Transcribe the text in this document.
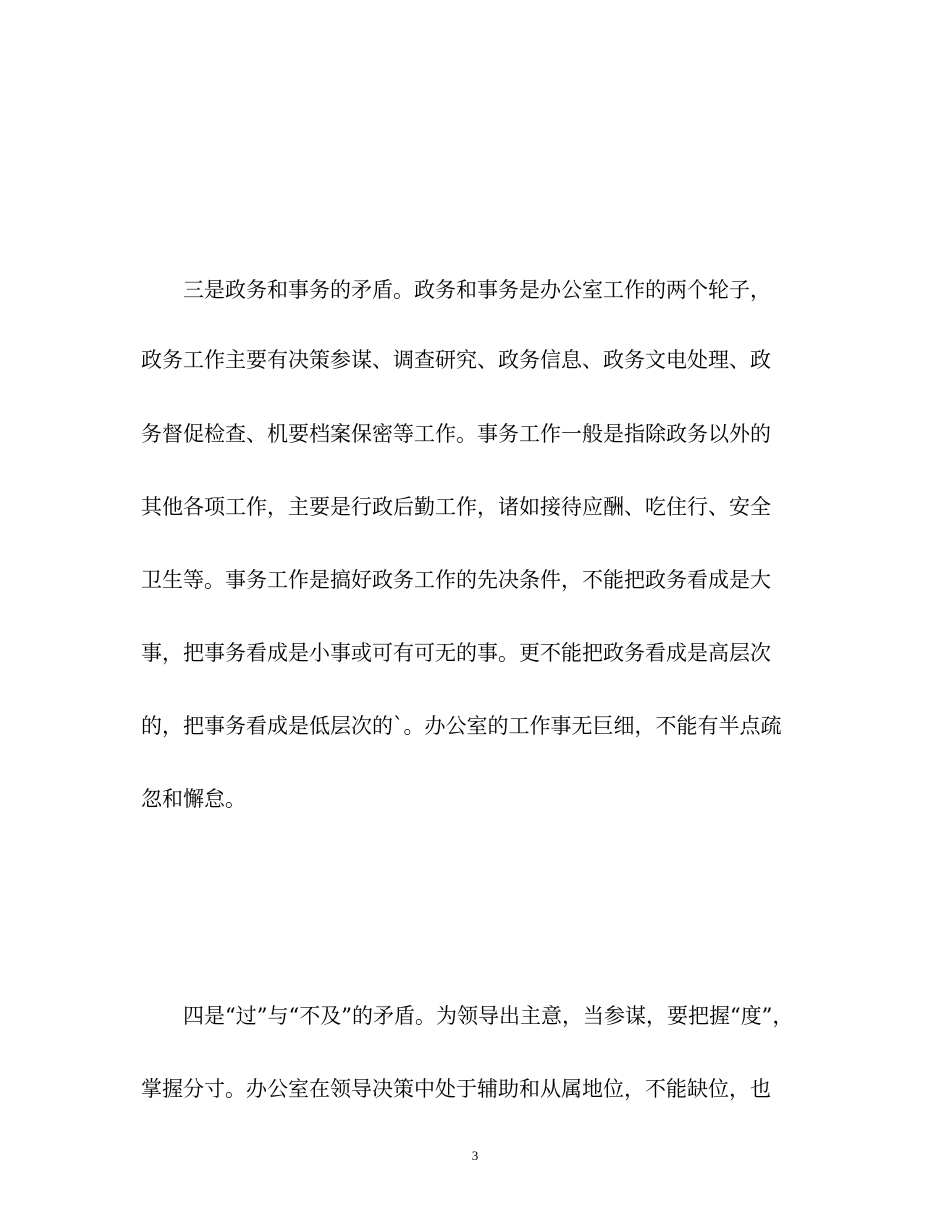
三是政务和事务的矛盾。政务和事务是办公室工作的两个轮子，
政务工作主要有决策参谋、调查研究、政务信息、政务文电处理、政
务督促检查、机要档案保密等工作。事务工作一般是指除政务以外的
其他各项工作，主要是行政后勤工作，诸如接待应酬、吃住行、安全
卫生等。事务工作是搞好政务工作的先决条件，不能把政务看成是大
事，把事务看成是小事或可有可无的事。更不能把政务看成是高层次
的，把事务看成是低层次的`。办公室的工作事无巨细，不能有半点疏
忽和懈怠。
四是“过”与“不及”的矛盾。为领导出主意，当参谋，要把握“度”，
掌握分寸。办公室在领导决策中处于辅助和从属地位，不能缺位，也
3
